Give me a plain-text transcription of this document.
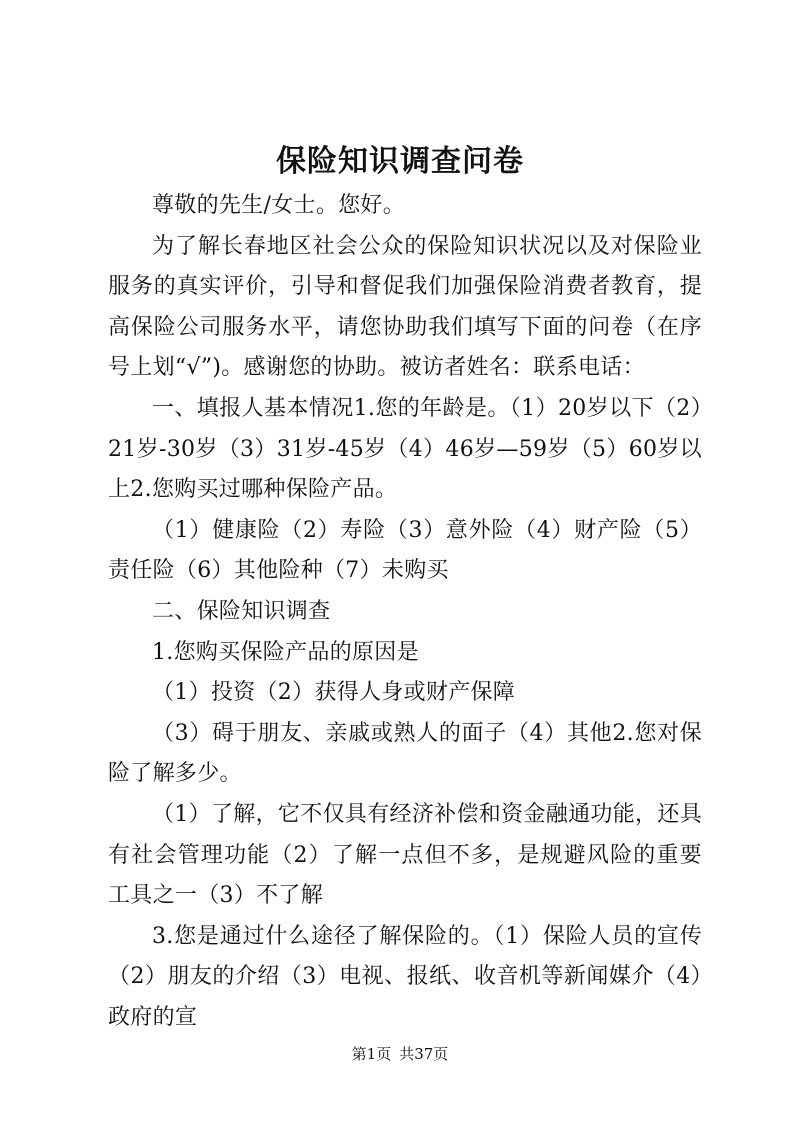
保险知识调查问卷

尊敬的先生/女士。您好。

为了解长春地区社会公众的保险知识状况以及对保险业服务的真实评价，引导和督促我们加强保险消费者教育，提高保险公司服务水平，请您协助我们填写下面的问卷（在序号上划“√”)。感谢您的协助。被访者姓名：联系电话：

一、填报人基本情况1.您的年龄是。（1）20岁以下（2）21岁-30岁（3）31岁-45岁（4）46岁—59岁（5）60岁以上2.您购买过哪种保险产品。

（1）健康险（2）寿险（3）意外险（4）财产险（5）责任险（6）其他险种（7）未购买

二、保险知识调查

1.您购买保险产品的原因是

（1）投资（2）获得人身或财产保障

（3）碍于朋友、亲戚或熟人的面子（4）其他2.您对保险了解多少。

（1）了解，它不仅具有经济补偿和资金融通功能，还具有社会管理功能（2）了解一点但不多，是规避风险的重要工具之一（3）不了解

3.您是通过什么途径了解保险的。（1）保险人员的宣传（2）朋友的介绍（3）电视、报纸、收音机等新闻媒介（4）政府的宣

第1页 共37页
